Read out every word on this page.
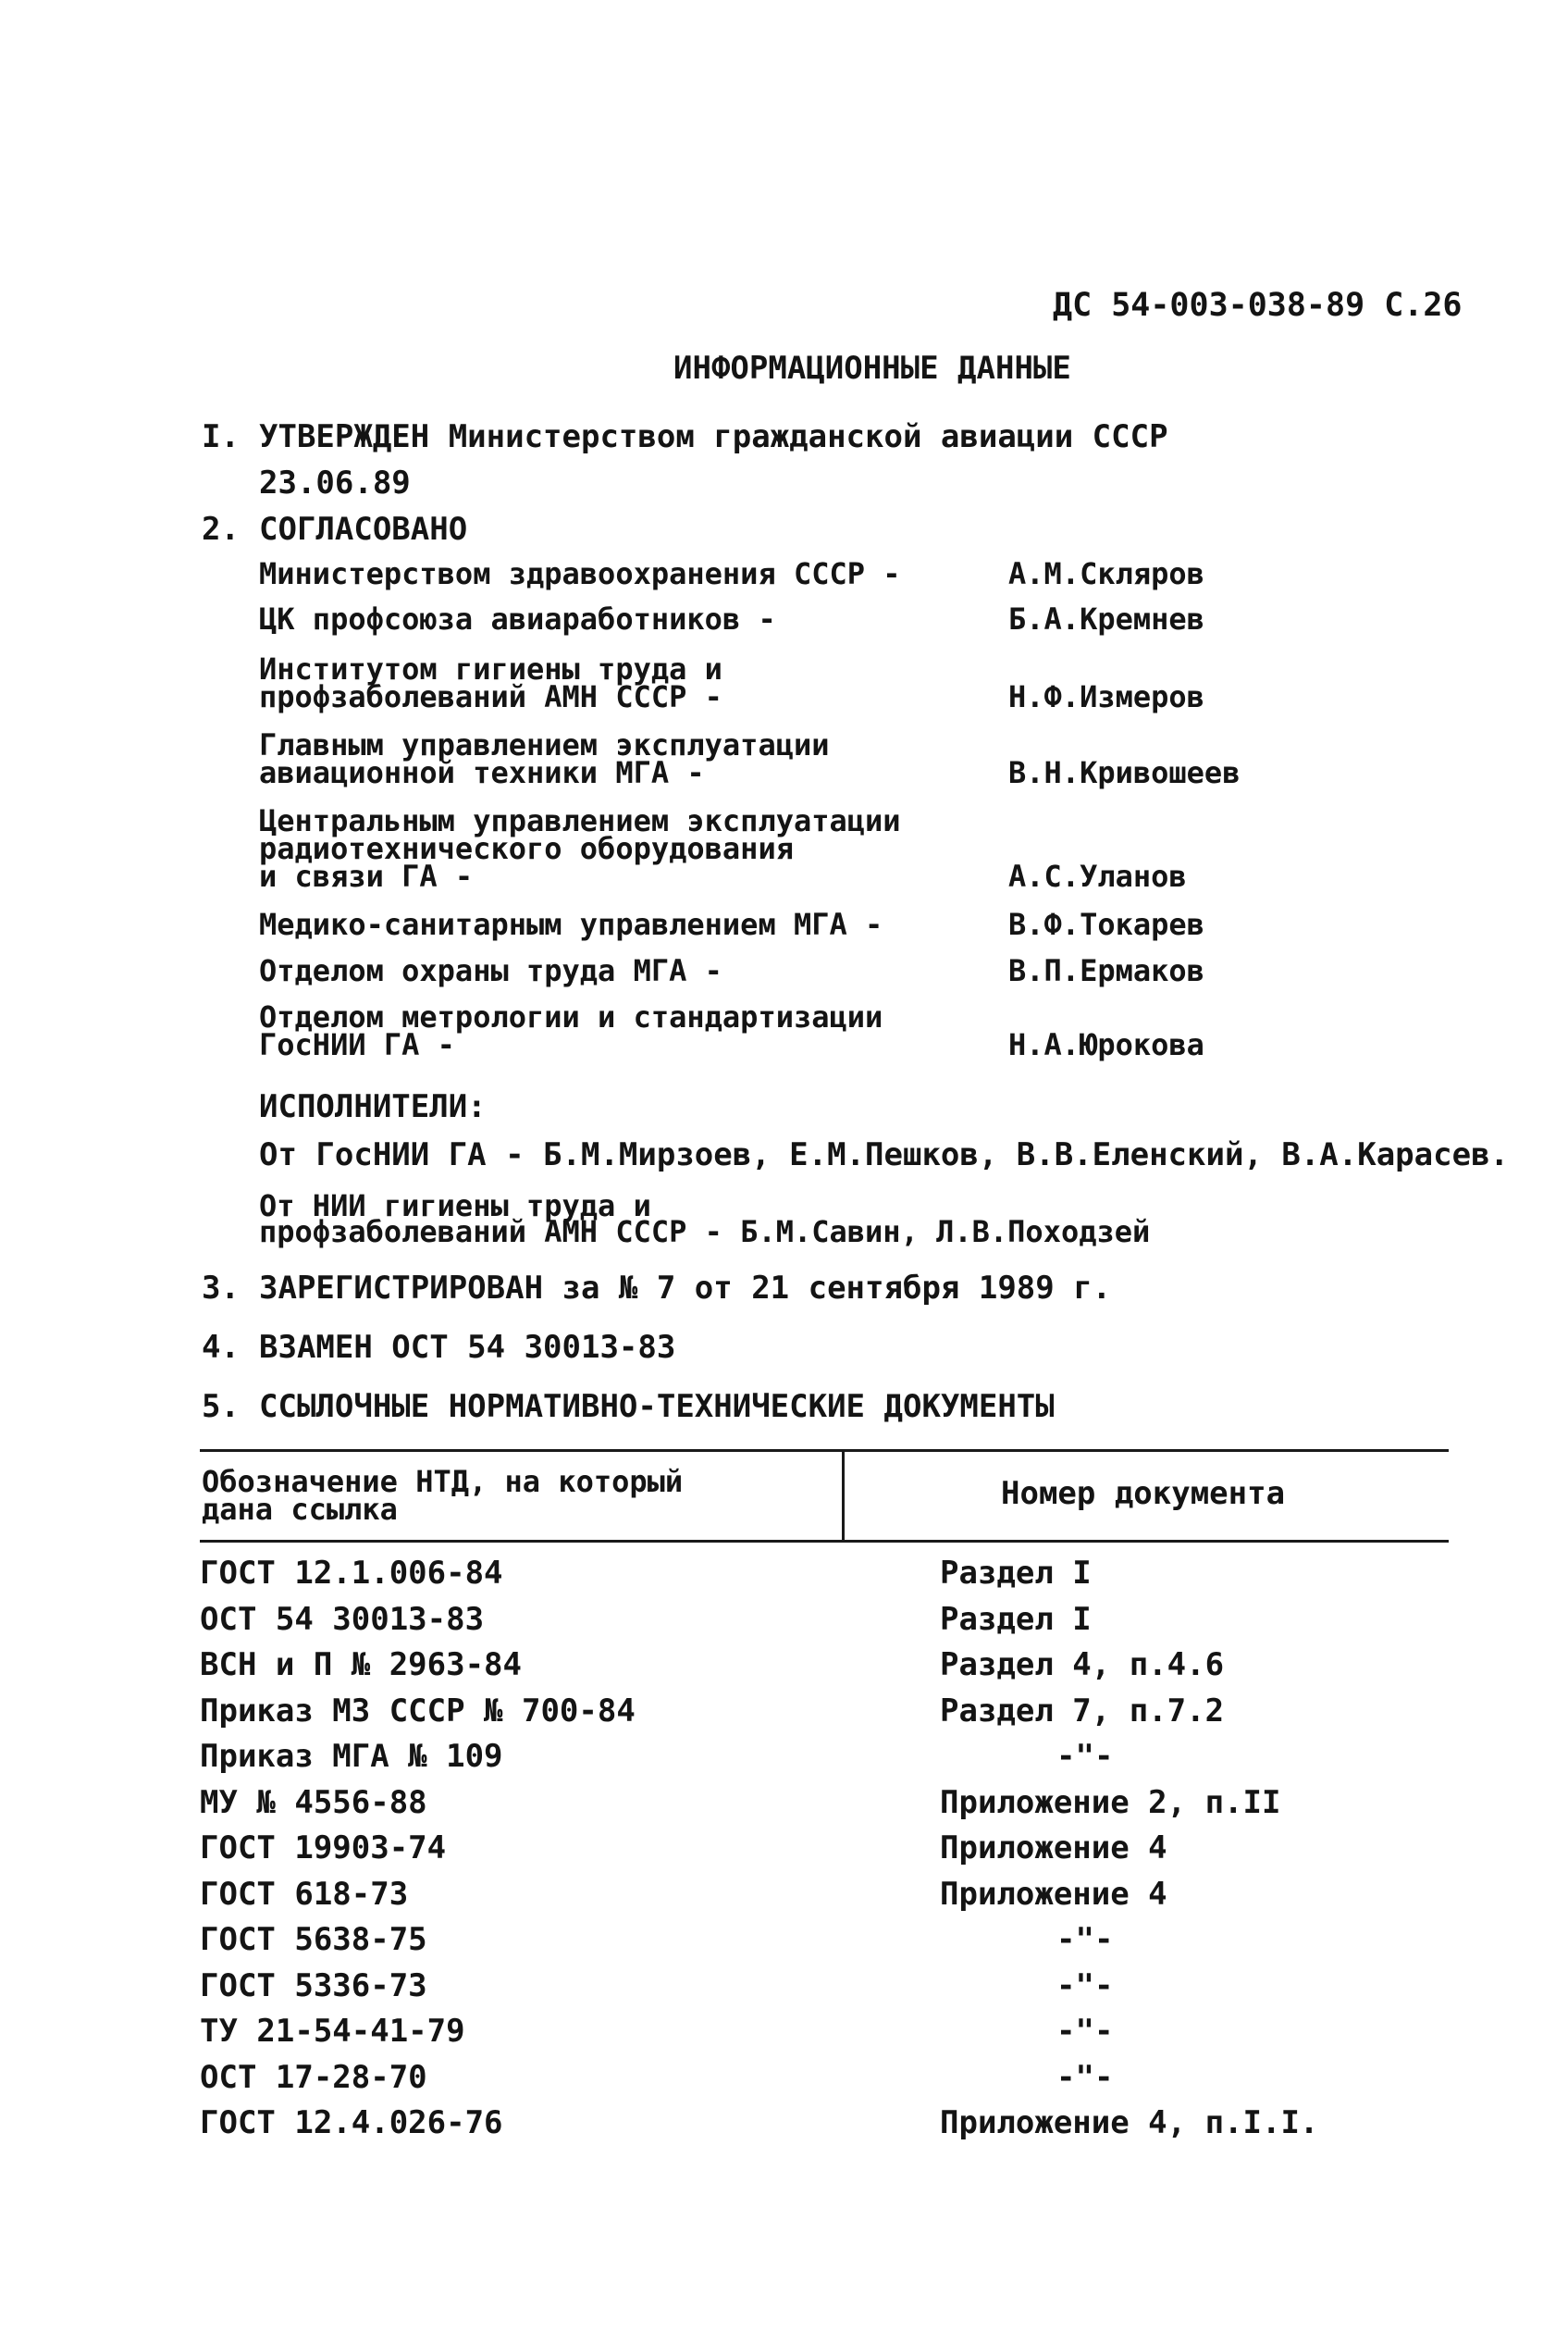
ДС 54-003-038-89 С.26
ИНФОРМАЦИОННЫЕ ДАННЫЕ
I. УТВЕРЖДЕН Министерством гражданской авиации СССР
23.06.89
2. СОГЛАСОВАНО
Министерством здравоохранения СССР -	А.М.Скляров
ЦК профсоюза авиаработников -	Б.А.Кремнев
Институтом гигиены труда и
профзаболеваний АМН СССР -	Н.Ф.Измеров
Главным управлением эксплуатации
авиационной техники МГА -	В.Н.Кривошеев
Центральным управлением эксплуатации
радиотехнического оборудования
и связи ГА -	А.С.Уланов
Медико-санитарным управлением МГА -	В.Ф.Токарев
Отделом охраны труда МГА -	В.П.Ермаков
Отделом метрологии и стандартизации
ГосНИИ ГА -	Н.А.Юрокова
ИСПОЛНИТЕЛИ:
От ГосНИИ ГА - Б.М.Мирзоев, Е.М.Пешков, В.В.Еленский, В.А.Карасев.
От НИИ гигиены труда и
профзаболеваний АМН СССР - Б.М.Савин, Л.В.Походзей
3. ЗАРЕГИСТРИРОВАН за № 7 от 21 сентября 1989 г.
4. ВЗАМЕН ОСТ 54 30013-83
5. ССЫЛОЧНЫЕ НОРМАТИВНО-ТЕХНИЧЕСКИЕ ДОКУМЕНТЫ
Обозначение НТД, на который
дана ссылка	Номер документа
ГОСТ 12.1.006-84	Раздел I
ОСТ 54 30013-83	Раздел I
ВСН и П № 2963-84	Раздел 4, п.4.6
Приказ МЗ СССР № 700-84	Раздел 7, п.7.2
Приказ МГА № 109	-"-
МУ № 4556-88	Приложение 2, п.II
ГОСТ 19903-74	Приложение 4
ГОСТ 618-73	Приложение 4
ГОСТ 5638-75	-"-
ГОСТ 5336-73	-"-
ТУ 21-54-41-79	-"-
ОСТ 17-28-70	-"-
ГОСТ 12.4.026-76	Приложение 4, п.I.I.
